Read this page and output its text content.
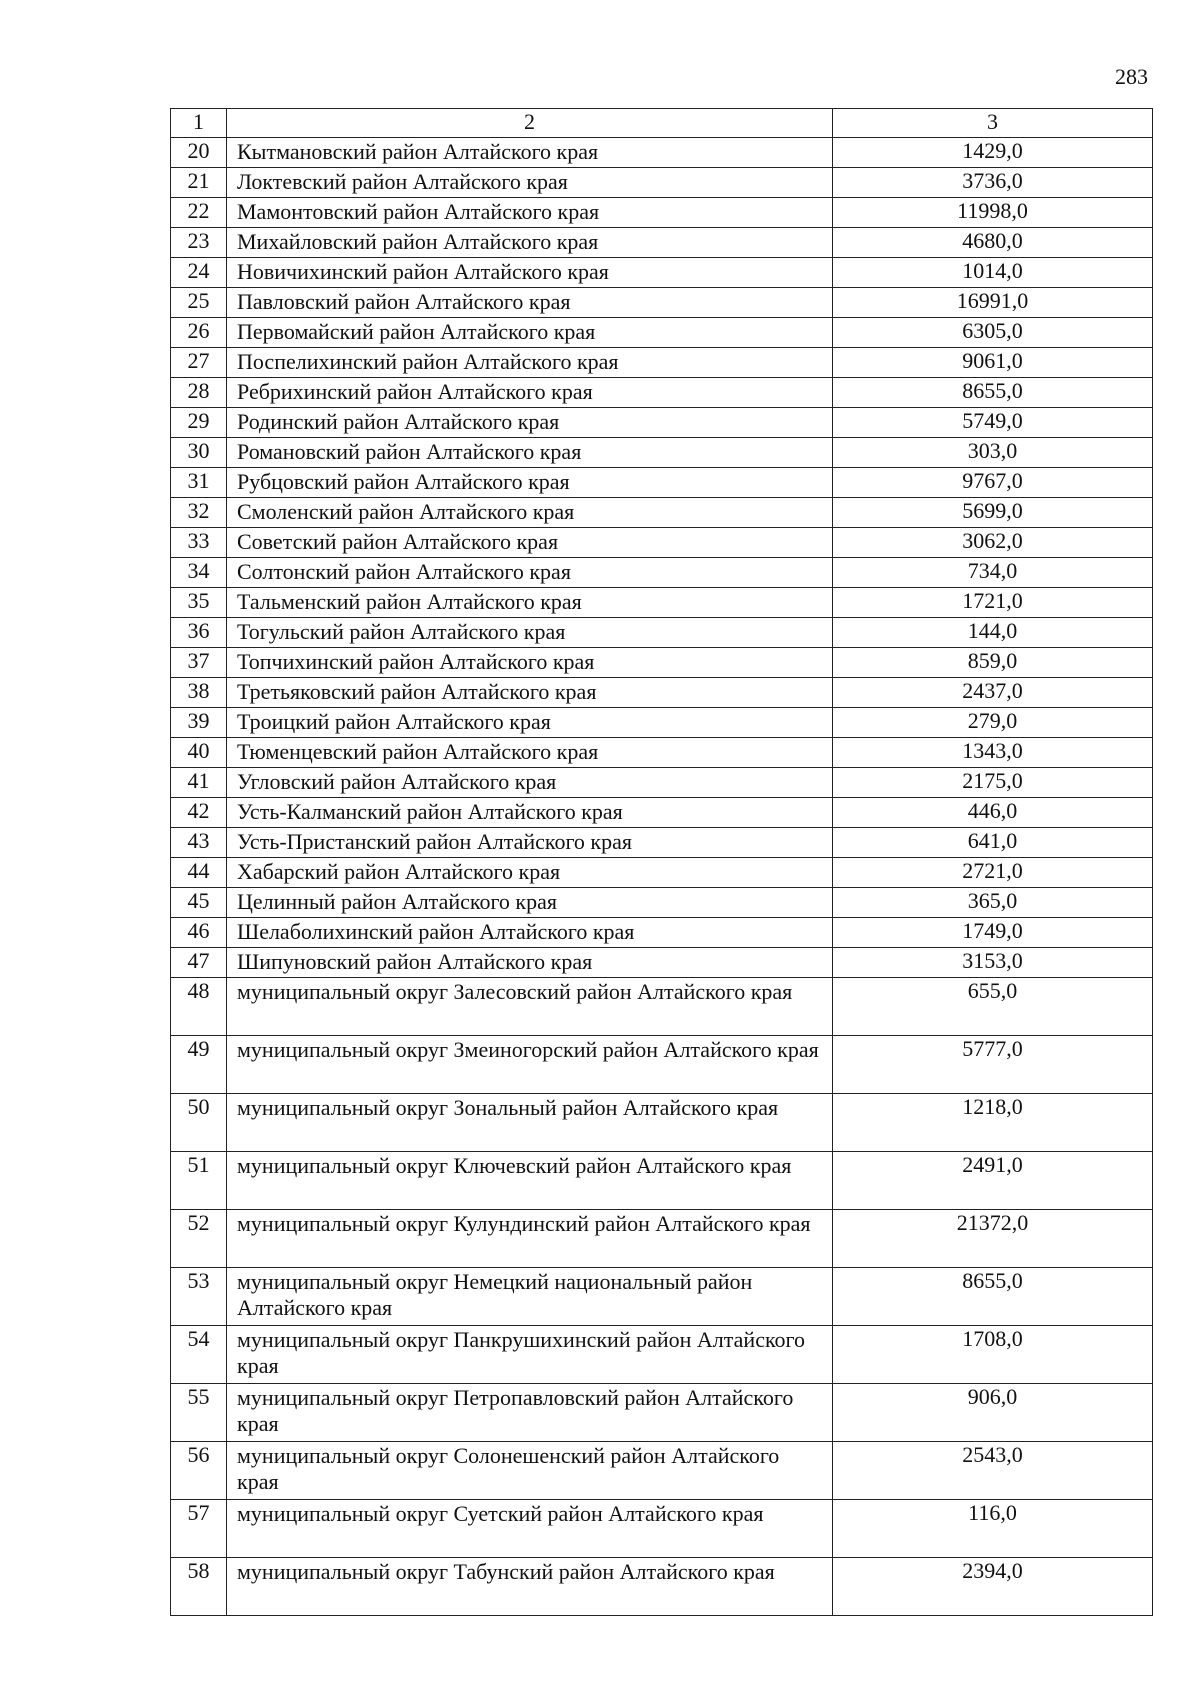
283
1	2	3
20	Кытмановский район Алтайского края	1429,0
21	Локтевский район Алтайского края	3736,0
22	Мамонтовский район Алтайского края	11998,0
23	Михайловский район Алтайского края	4680,0
24	Новичихинский район Алтайского края	1014,0
25	Павловский район Алтайского края	16991,0
26	Первомайский район Алтайского края	6305,0
27	Поспелихинский район Алтайского края	9061,0
28	Ребрихинский район Алтайского края	8655,0
29	Родинский район Алтайского края	5749,0
30	Романовский район Алтайского края	303,0
31	Рубцовский район Алтайского края	9767,0
32	Смоленский район Алтайского края	5699,0
33	Советский район Алтайского края	3062,0
34	Солтонский район Алтайского края	734,0
35	Тальменский район Алтайского края	1721,0
36	Тогульский район Алтайского края	144,0
37	Топчихинский район Алтайского края	859,0
38	Третьяковский район Алтайского края	2437,0
39	Троицкий район Алтайского края	279,0
40	Тюменцевский район Алтайского края	1343,0
41	Угловский район Алтайского края	2175,0
42	Усть-Калманский район Алтайского края	446,0
43	Усть-Пристанский район Алтайского края	641,0
44	Хабарский район Алтайского края	2721,0
45	Целинный район Алтайского края	365,0
46	Шелаболихинский район Алтайского края	1749,0
47	Шипуновский район Алтайского края	3153,0
48	муниципальный округ Залесовский район Алтайского края	655,0
49	муниципальный округ Змеиногорский район Алтайского края	5777,0
50	муниципальный округ Зональный район Алтайского края	1218,0
51	муниципальный округ Ключевский район Алтайского края	2491,0
52	муниципальный округ Кулундинский район Алтайского края	21372,0
53	муниципальный округ Немецкий национальный район Алтайского края	8655,0
54	муниципальный округ Панкрушихинский район Алтайского края	1708,0
55	муниципальный округ Петропавловский район Алтайского края	906,0
56	муниципальный округ Солонешенский район Алтайского края	2543,0
57	муниципальный округ Суетский район Алтайского края	116,0
58	муниципальный округ Табунский район Алтайского края	2394,0
